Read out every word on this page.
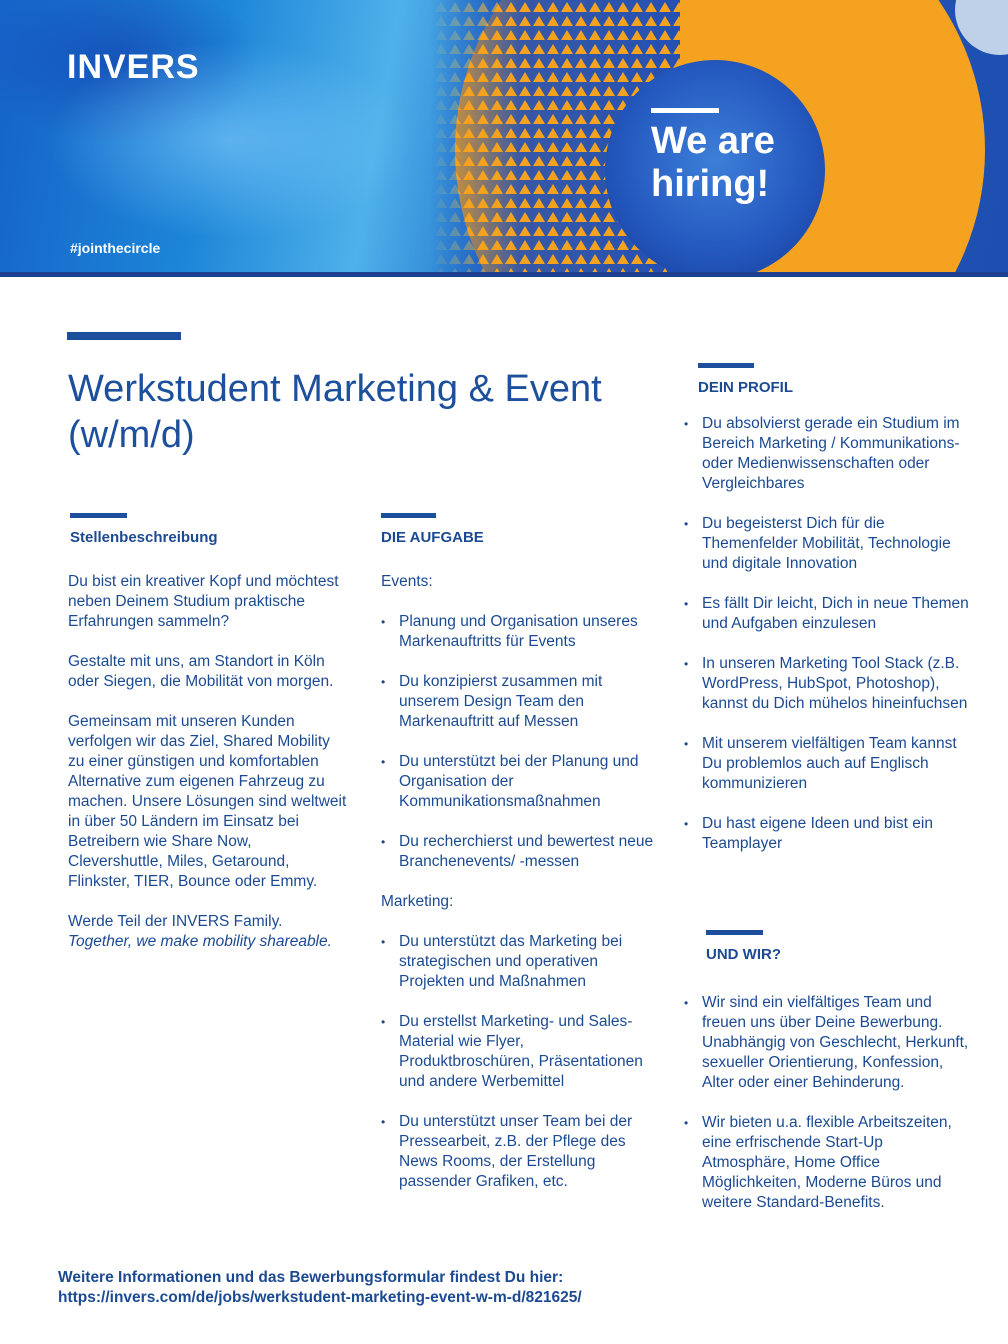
INVERS
We are hiring!
#jointhecircle
Werkstudent Marketing & Event (w/m/d)
Stellenbeschreibung

Du bist ein kreativer Kopf und möchtest neben Deinem Studium praktische Erfahrungen sammeln?

Gestalte mit uns, am Standort in Köln oder Siegen, die Mobilität von morgen.

Gemeinsam mit unseren Kunden verfolgen wir das Ziel, Shared Mobility zu einer günstigen und komfortablen Alternative zum eigenen Fahrzeug zu machen. Unsere Lösungen sind weltweit in über 50 Ländern im Einsatz bei Betreibern wie Share Now, Clevershuttle, Miles, Getaround, Flinkster, TIER, Bounce oder Emmy.

Werde Teil der INVERS Family.
Together, we make mobility shareable.

DIE AUFGABE

Events:

• Planung und Organisation unseres Markenauftritts für Events
• Du konzipierst zusammen mit unserem Design Team den Markenauftritt auf Messen
• Du unterstützt bei der Planung und Organisation der Kommunikationsmaßnahmen
• Du recherchierst und bewertest neue Branchenevents/ -messen

Marketing:

• Du unterstützt das Marketing bei strategischen und operativen Projekten und Maßnahmen
• Du erstellst Marketing- und Sales-Material wie Flyer, Produktbroschüren, Präsentationen und andere Werbemittel
• Du unterstützt unser Team bei der Pressearbeit, z.B. der Pflege des News Rooms, der Erstellung passender Grafiken, etc.
DEIN PROFIL
• Du absolvierst gerade ein Studium im Bereich Marketing / Kommunikations- oder Medienwissenschaften oder Vergleichbares
• Du begeisterst Dich für die Themenfelder Mobilität, Technologie und digitale Innovation
• Es fällt Dir leicht, Dich in neue Themen und Aufgaben einzulesen
• In unseren Marketing Tool Stack (z.B. WordPress, HubSpot, Photoshop), kannst du Dich mühelos hineinfuchsen
• Mit unserem vielfältigen Team kannst Du problemlos auch auf Englisch kommunizieren
• Du hast eigene Ideen und bist ein Teamplayer
UND WIR?
• Wir sind ein vielfältiges Team und freuen uns über Deine Bewerbung. Unabhängig von Geschlecht, Herkunft, sexueller Orientierung, Konfession, Alter oder einer Behinderung.
• Wir bieten u.a. flexible Arbeitszeiten, eine erfrischende Start-Up Atmosphäre, Home Office Möglichkeiten, Moderne Büros und weitere Standard-Benefits.
Weitere Informationen und das Bewerbungsformular findest Du hier:
https://invers.com/de/jobs/werkstudent-marketing-event-w-m-d/821625/
